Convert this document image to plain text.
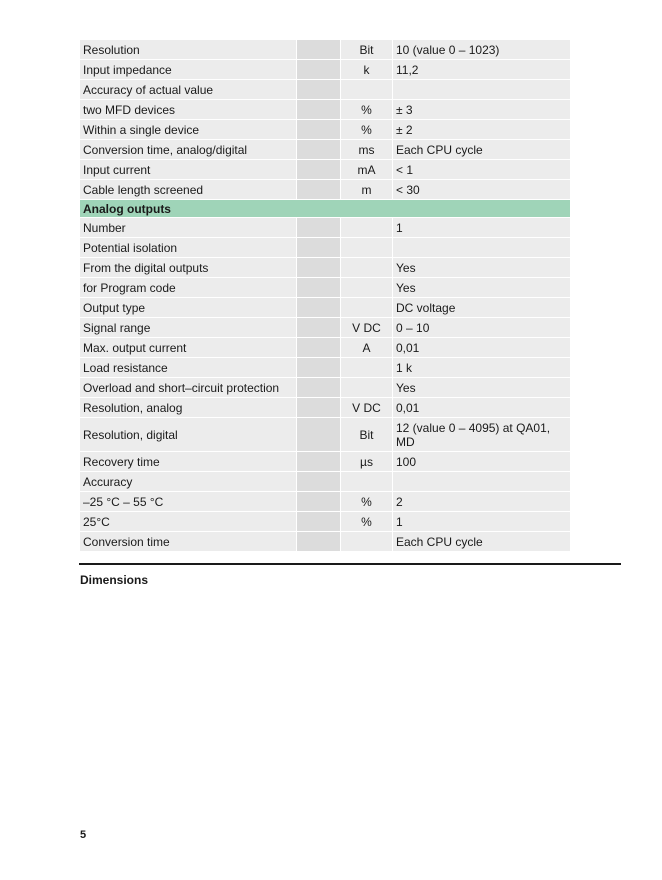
Resolution		Bit	10 (value 0 – 1023)
Input impedance		k	11,2
Accuracy of actual value			
two MFD devices		%	± 3
Within a single device		%	± 2
Conversion time, analog/digital		ms	Each CPU cycle
Input current		mA	< 1
Cable length screened		m	< 30
Analog outputs			
Number			1
Potential isolation			
From the digital outputs			Yes
for Program code			Yes
Output type			DC voltage
Signal range		V DC	0 – 10
Max. output current		A	0,01
Load resistance			1 k
Overload and short–circuit protection			Yes
Resolution, analog		V DC	0,01
Resolution, digital		Bit	12 (value 0 – 4095) at QA01, MD
Recovery time		µs	100
Accuracy			
–25 °C – 55 °C		%	2
25°C		%	1
Conversion time			Each CPU cycle
Dimensions
5
